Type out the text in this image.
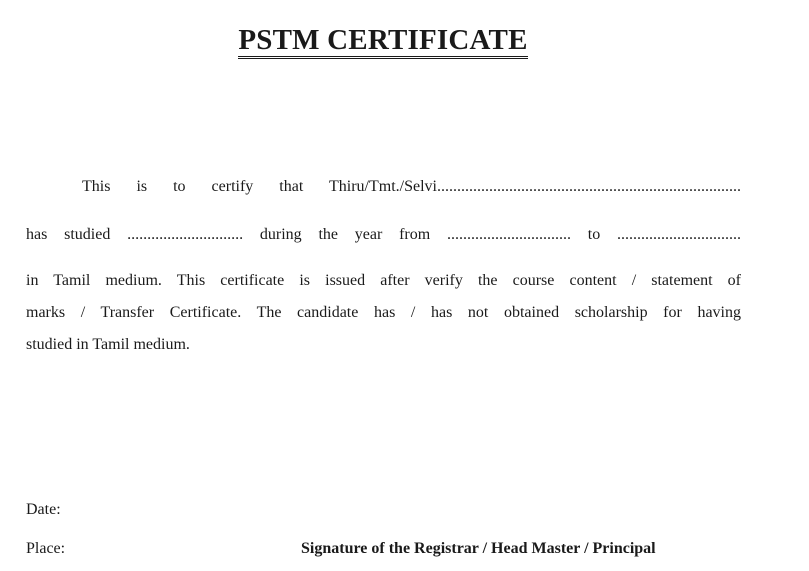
PSTM CERTIFICATE
This is to certify that Thiru/Tmt./Selvi............................................................................
has studied ............................. during the year from ............................... to ...............................
in Tamil medium. This certificate is issued after verify the course content / statement of
marks / Transfer Certificate. The candidate has / has not obtained scholarship for having
studied in Tamil medium.
Date:
Place:	Signature of the Registrar / Head Master / Principal
